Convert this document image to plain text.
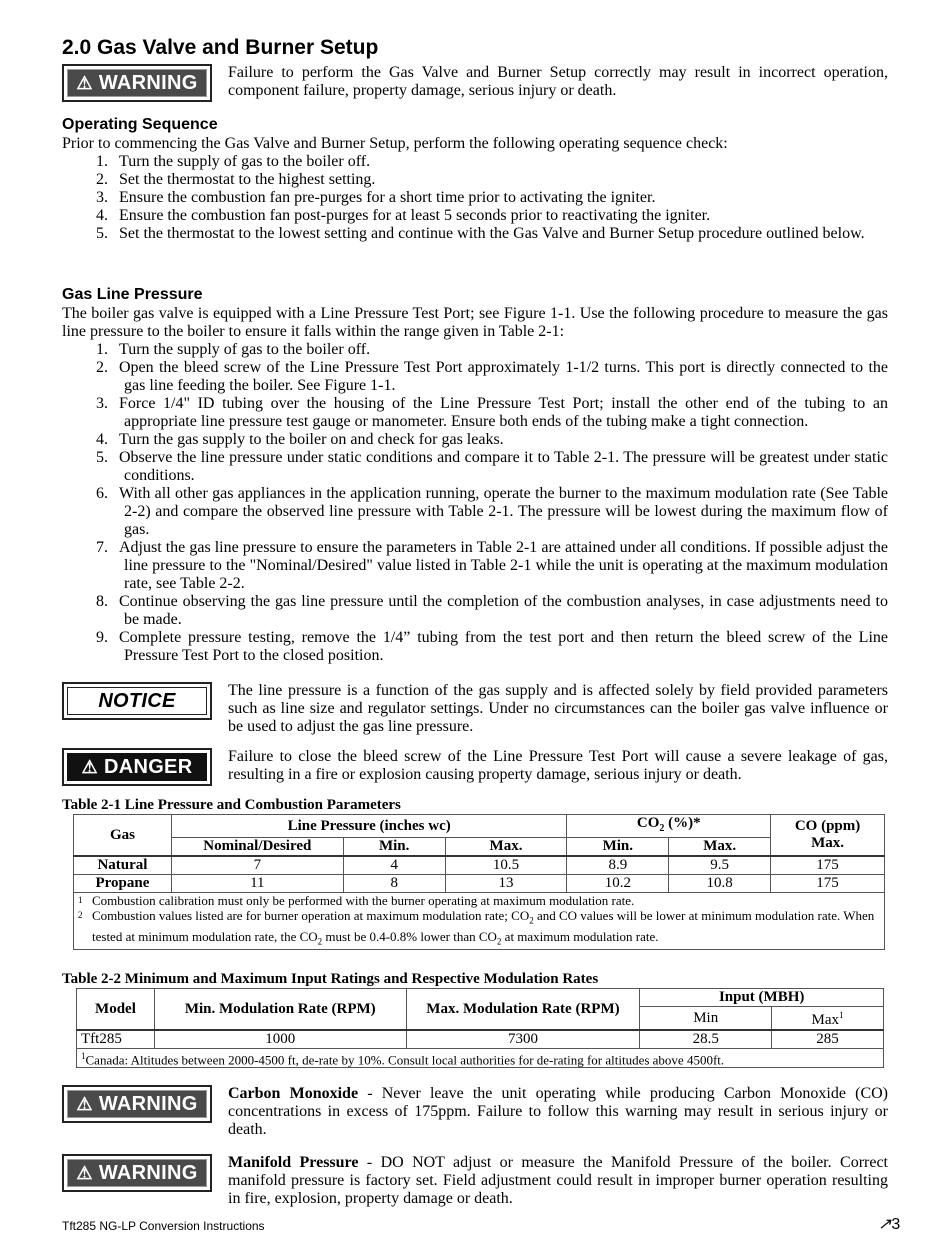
2.0 Gas Valve and Burner Setup
⚠ WARNING Failure to perform the Gas Valve and Burner Setup correctly may result in incorrect operation, component failure, property damage, serious injury or death.
Operating Sequence
Prior to commencing the Gas Valve and Burner Setup, perform the following operating sequence check:
1. Turn the supply of gas to the boiler off.
2. Set the thermostat to the highest setting.
3. Ensure the combustion fan pre-purges for a short time prior to activating the igniter.
4. Ensure the combustion fan post-purges for at least 5 seconds prior to reactivating the igniter.
5. Set the thermostat to the lowest setting and continue with the Gas Valve and Burner Setup procedure outlined below.
Gas Line Pressure
The boiler gas valve is equipped with a Line Pressure Test Port; see Figure 1-1. Use the following procedure to measure the gas line pressure to the boiler to ensure it falls within the range given in Table 2-1:
1. Turn the supply of gas to the boiler off.
2. Open the bleed screw of the Line Pressure Test Port approximately 1-1/2 turns. This port is directly connected to the gas line feeding the boiler. See Figure 1-1.
3. Force 1/4" ID tubing over the housing of the Line Pressure Test Port; install the other end of the tubing to an appropriate line pressure test gauge or manometer. Ensure both ends of the tubing make a tight connection.
4. Turn the gas supply to the boiler on and check for gas leaks.
5. Observe the line pressure under static conditions and compare it to Table 2-1. The pressure will be greatest under static conditions.
6. With all other gas appliances in the application running, operate the burner to the maximum modulation rate (See Table 2-2) and compare the observed line pressure with Table 2-1. The pressure will be lowest during the maximum flow of gas.
7. Adjust the gas line pressure to ensure the parameters in Table 2-1 are attained under all conditions. If possible adjust the line pressure to the "Nominal/Desired" value listed in Table 2-1 while the unit is operating at the maximum modulation rate, see Table 2-2.
8. Continue observing the gas line pressure until the completion of the combustion analyses, in case adjustments need to be made.
9. Complete pressure testing, remove the 1/4” tubing from the test port and then return the bleed screw of the Line Pressure Test Port to the closed position.
NOTICE	The line pressure is a function of the gas supply and is affected solely by field provided parameters such as line size and regulator settings. Under no circumstances can the boiler gas valve influence or be used to adjust the gas line pressure.
⚠ DANGER Failure to close the bleed screw of the Line Pressure Test Port will cause a severe leakage of gas, resulting in a fire or explosion causing property damage, serious injury or death.
Table 2-1 Line Pressure and Combustion Parameters
Gas	Line Pressure (inches wc)			$CO_2$ (%)*		CO (ppm)
Max.
	Nominal/Desired	Min.	Max.	Min.	Max.	
Natural	7	4	10.5	8.9	9.5	175
Propane	11	8	13	10.2	10.8	175

1 Combustion calibration must only be performed with the burner operating at maximum modulation rate.
2 Combustion values listed are for burner operation at maximum modulation rate; $CO_2$ and CO values will be lower at minimum modulation rate. When tested at minimum modulation rate, the $CO_2$ must be 0.4-0.8% lower than $CO_2$ at maximum modulation rate.						
Table 2-2 Minimum and Maximum Input Ratings and Respective Modulation Rates
Model	Min. Modulation Rate (RPM)	Max. Modulation Rate (RPM)	Input (MBH)	
			Min	Max$^1$
Tft285	1000	7300	28.5	285
$^1$Canada: Altitudes between 2000-4500 ft, de-rate by 10%. Consult local authorities for de-rating for altitudes above 4500ft.				
⚠ WARNING Carbon Monoxide - Never leave the unit operating while producing Carbon Monoxide (CO) concentrations in excess of 175ppm. Failure to follow this warning may result in serious injury or death.
⚠ WARNING Manifold Pressure - DO NOT adjust or measure the Manifold Pressure of the boiler. Correct manifold pressure is factory set. Field adjustment could result in improper burner operation resulting in fire, explosion, property damage or death.
Tft285 NG-LP Conversion Instructions	↗3
